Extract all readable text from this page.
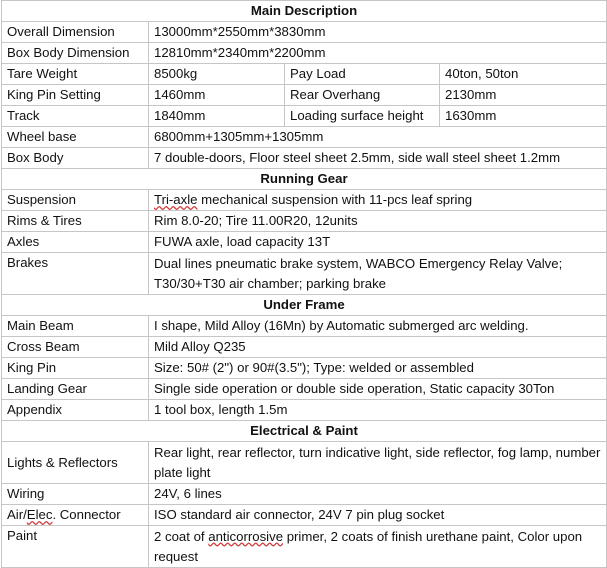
Main Description			
Overall Dimension	13000mm*2550mm*3830mm		
Box Body Dimension	12810mm*2340mm*2200mm		
Tare Weight	8500kg	Pay Load	40ton, 50ton
King Pin Setting	1460mm	Rear Overhang	2130mm
Track	1840mm	Loading surface height	1630mm
Wheel base	6800mm+1305mm+1305mm		
Box Body	7 double-doors, Floor steel sheet 2.5mm, side wall steel sheet 1.2mm		
Running Gear			
Suspension	Tri-axle mechanical suspension with 11-pcs leaf spring		
Rims & Tires	Rim 8.0-20; Tire 11.00R20, 12units		
Axles	FUWA axle, load capacity 13T		
Brakes	Dual lines pneumatic brake system, WABCO Emergency Relay Valve; T30/30+T30 air chamber; parking brake		
Under Frame			
Main Beam	I shape, Mild Alloy (16Mn) by Automatic submerged arc welding.		
Cross Beam	Mild Alloy Q235		
King Pin	Size: 50# (2") or 90#(3.5"); Type: welded or assembled		
Landing Gear	Single side operation or double side operation, Static capacity 30Ton		
Appendix	1 tool box, length 1.5m		
Electrical & Paint			
Lights & Reflectors	Rear light, rear reflector, turn indicative light, side reflector, fog lamp, number plate light		
Wiring	24V, 6 lines		
Air/Elec. Connector	ISO standard air connector, 24V 7 pin plug socket		
Paint	2 coat of anticorrosive primer, 2 coats of finish urethane paint, Color upon request		
